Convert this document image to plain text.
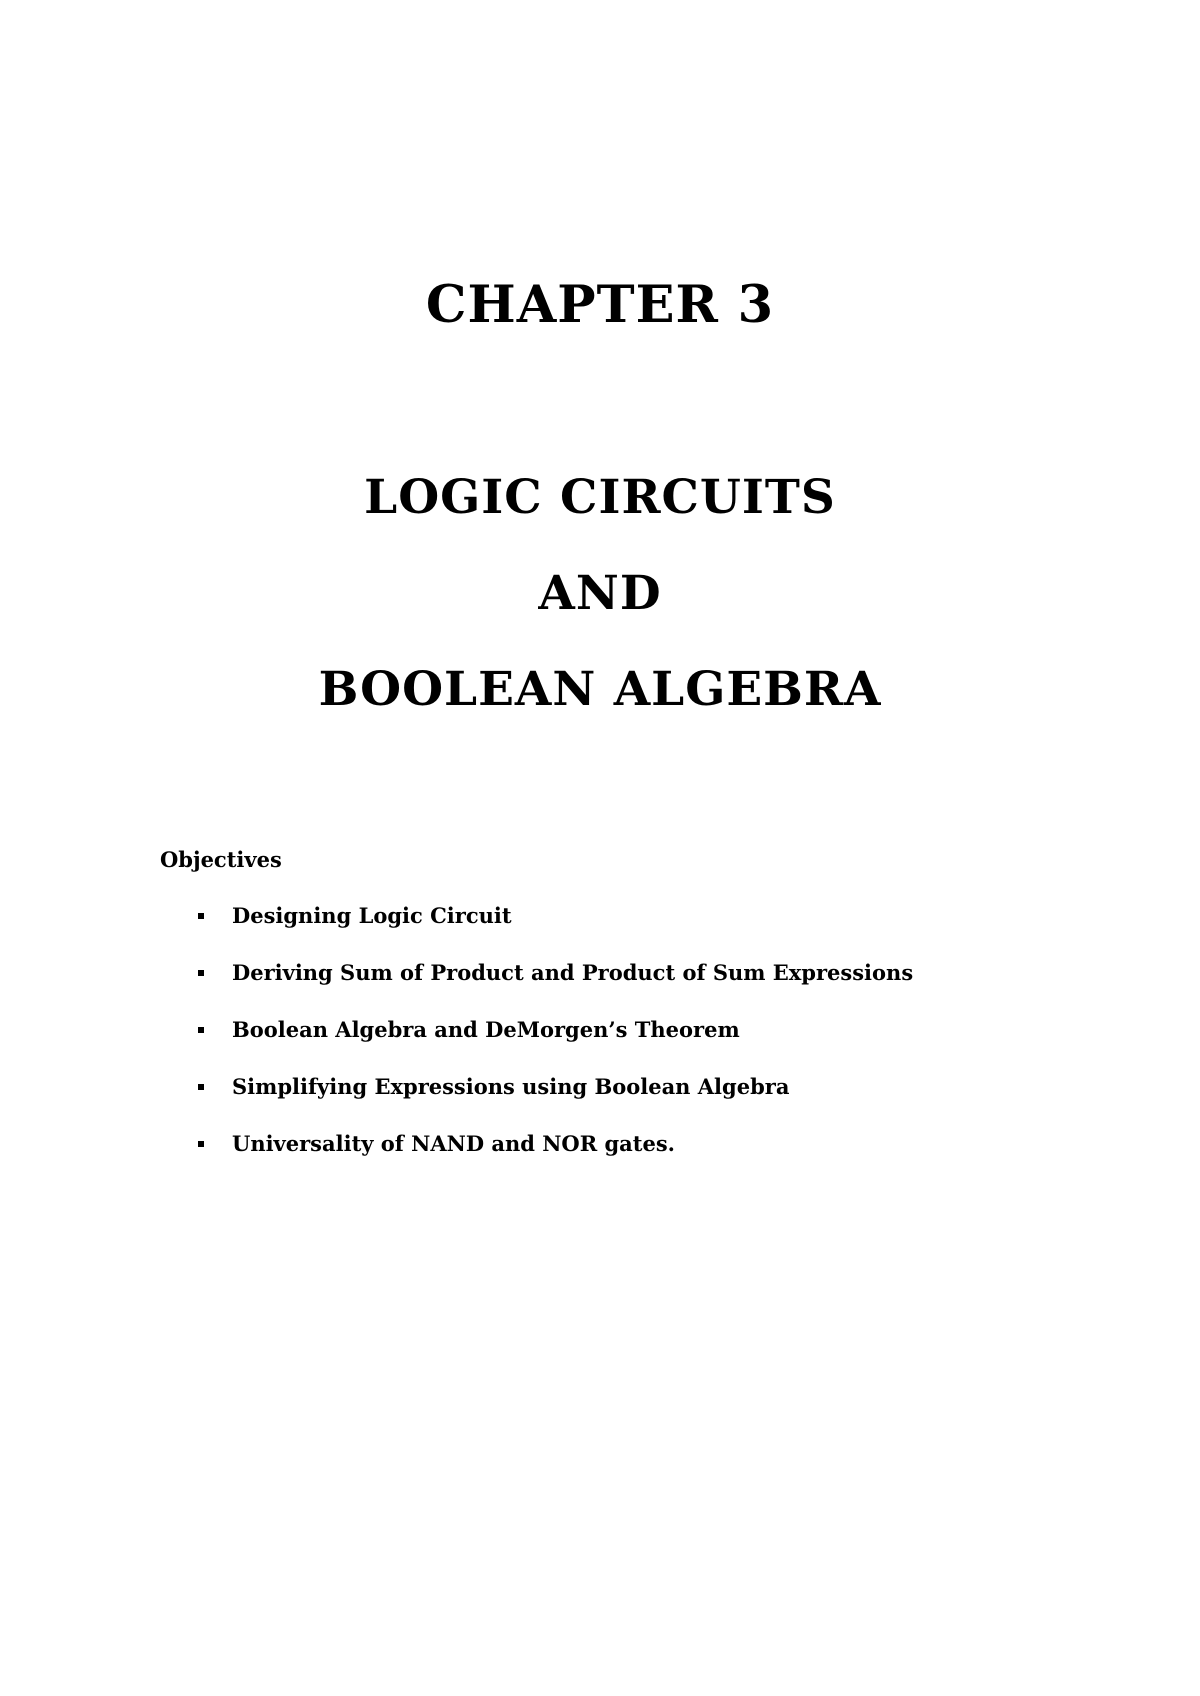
CHAPTER 3
LOGIC CIRCUITS
AND
BOOLEAN ALGEBRA
Objectives
Designing Logic Circuit
Deriving Sum of Product and Product of Sum Expressions
Boolean Algebra and DeMorgen’s Theorem
Simplifying Expressions using Boolean Algebra
Universality of NAND and NOR gates.
